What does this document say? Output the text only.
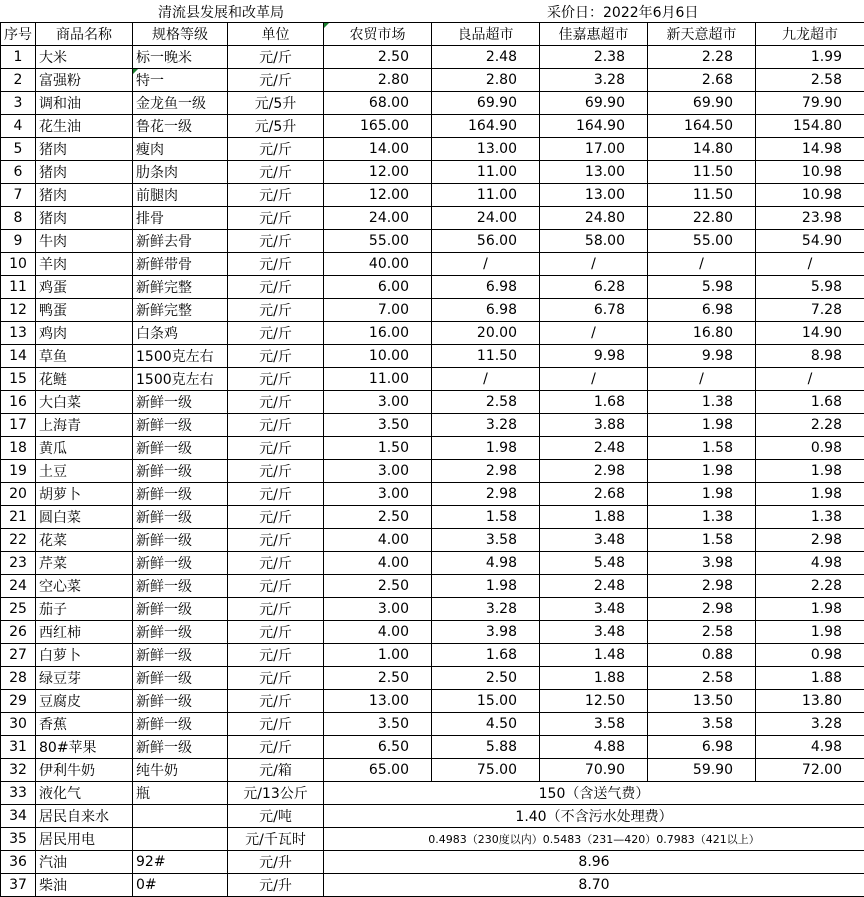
清流县发展和改革局	采价日：2022年6月6日
序号	商品名称	规格等级	单位	农贸市场	良品超市	佳嘉惠超市	新天意超市	九龙超市
1	大米	标一晚米	元/斤	2.50	2.48	2.38	2.28	1.99
2	富强粉	特一	元/斤	2.80	2.80	3.28	2.68	2.58
3	调和油	金龙鱼一级	元/5升	68.00	69.90	69.90	69.90	79.90
4	花生油	鲁花一级	元/5升	165.00	164.90	164.90	164.50	154.80
5	猪肉	瘦肉	元/斤	14.00	13.00	17.00	14.80	14.98
6	猪肉	肋条肉	元/斤	12.00	11.00	13.00	11.50	10.98
7	猪肉	前腿肉	元/斤	12.00	11.00	13.00	11.50	10.98
8	猪肉	排骨	元/斤	24.00	24.00	24.80	22.80	23.98
9	牛肉	新鲜去骨	元/斤	55.00	56.00	58.00	55.00	54.90
10	羊肉	新鲜带骨	元/斤	40.00	/	/	/	/
11	鸡蛋	新鲜完整	元/斤	6.00	6.98	6.28	5.98	5.98
12	鸭蛋	新鲜完整	元/斤	7.00	6.98	6.78	6.98	7.28
13	鸡肉	白条鸡	元/斤	16.00	20.00	/	16.80	14.90
14	草鱼	1500克左右	元/斤	10.00	11.50	9.98	9.98	8.98
15	花鲢	1500克左右	元/斤	11.00	/	/	/	/
16	大白菜	新鲜一级	元/斤	3.00	2.58	1.68	1.38	1.68
17	上海青	新鲜一级	元/斤	3.50	3.28	3.88	1.98	2.28
18	黄瓜	新鲜一级	元/斤	1.50	1.98	2.48	1.58	0.98
19	土豆	新鲜一级	元/斤	3.00	2.98	2.98	1.98	1.98
20	胡萝卜	新鲜一级	元/斤	3.00	2.98	2.68	1.98	1.98
21	圆白菜	新鲜一级	元/斤	2.50	1.58	1.88	1.38	1.38
22	花菜	新鲜一级	元/斤	4.00	3.58	3.48	1.58	2.98
23	芹菜	新鲜一级	元/斤	4.00	4.98	5.48	3.98	4.98
24	空心菜	新鲜一级	元/斤	2.50	1.98	2.48	2.98	2.28
25	茄子	新鲜一级	元/斤	3.00	3.28	3.48	2.98	1.98
26	西红柿	新鲜一级	元/斤	4.00	3.98	3.48	2.58	1.98
27	白萝卜	新鲜一级	元/斤	1.00	1.68	1.48	0.88	0.98
28	绿豆芽	新鲜一级	元/斤	2.50	2.50	1.88	2.58	1.88
29	豆腐皮	新鲜一级	元/斤	13.00	15.00	12.50	13.50	13.80
30	香蕉	新鲜一级	元/斤	3.50	4.50	3.58	3.58	3.28
31	80#苹果	新鲜一级	元/斤	6.50	5.88	4.88	6.98	4.98
32	伊利牛奶	纯牛奶	元/箱	65.00	75.00	70.90	59.90	72.00
33	液化气	瓶	元/13公斤	150（含送气费）				
34	居民自来水		元/吨	1.40（不含污水处理费）				
35	居民用电		元/千瓦时	0.4983（230度以内）0.5483（231—420）0.7983（421以上）				
36	汽油	92#	元/升	8.96				
37	柴油	0#	元/升	8.70				
